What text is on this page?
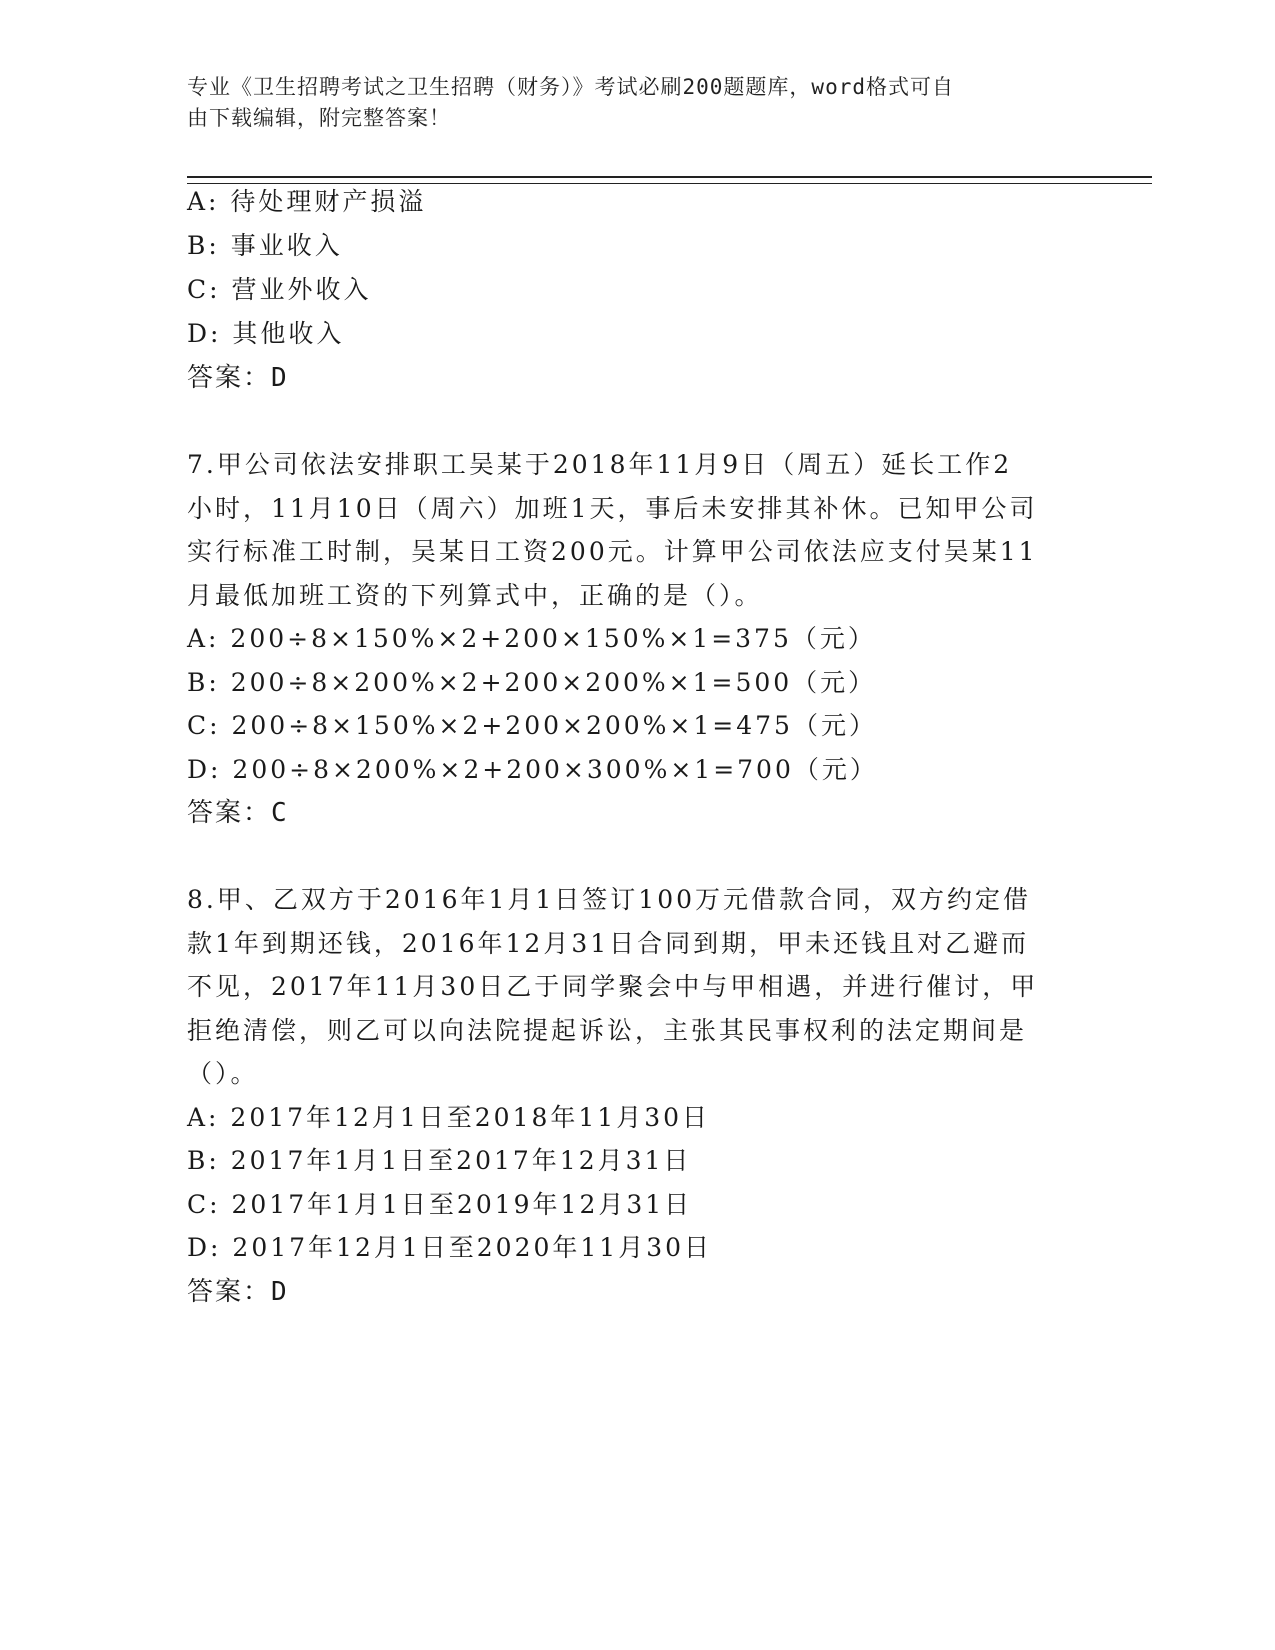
专业《卫生招聘考试之卫生招聘（财务）》考试必刷200题题库，word格式可自
由下载编辑，附完整答案！
A: 待处理财产损溢
B: 事业收入
C: 营业外收入
D: 其他收入
答案：D
7.甲公司依法安排职工吴某于2018年11月9日（周五）延长工作2
小时，11月10日（周六）加班1天，事后未安排其补休。已知甲公司
实行标准工时制，吴某日工资200元。计算甲公司依法应支付吴某11
月最低加班工资的下列算式中，正确的是（）。
A: 200÷8×150%×2+200×150%×1=375（元）
B: 200÷8×200%×2+200×200%×1=500（元）
C: 200÷8×150%×2+200×200%×1=475（元）
D: 200÷8×200%×2+200×300%×1=700（元）
答案：C
8.甲、乙双方于2016年1月1日签订100万元借款合同，双方约定借
款1年到期还钱，2016年12月31日合同到期，甲未还钱且对乙避而
不见，2017年11月30日乙于同学聚会中与甲相遇，并进行催讨，甲
拒绝清偿，则乙可以向法院提起诉讼，主张其民事权利的法定期间是
（）。
A: 2017年12月1日至2018年11月30日
B: 2017年1月1日至2017年12月31日
C: 2017年1月1日至2019年12月31日
D: 2017年12月1日至2020年11月30日
答案：D
